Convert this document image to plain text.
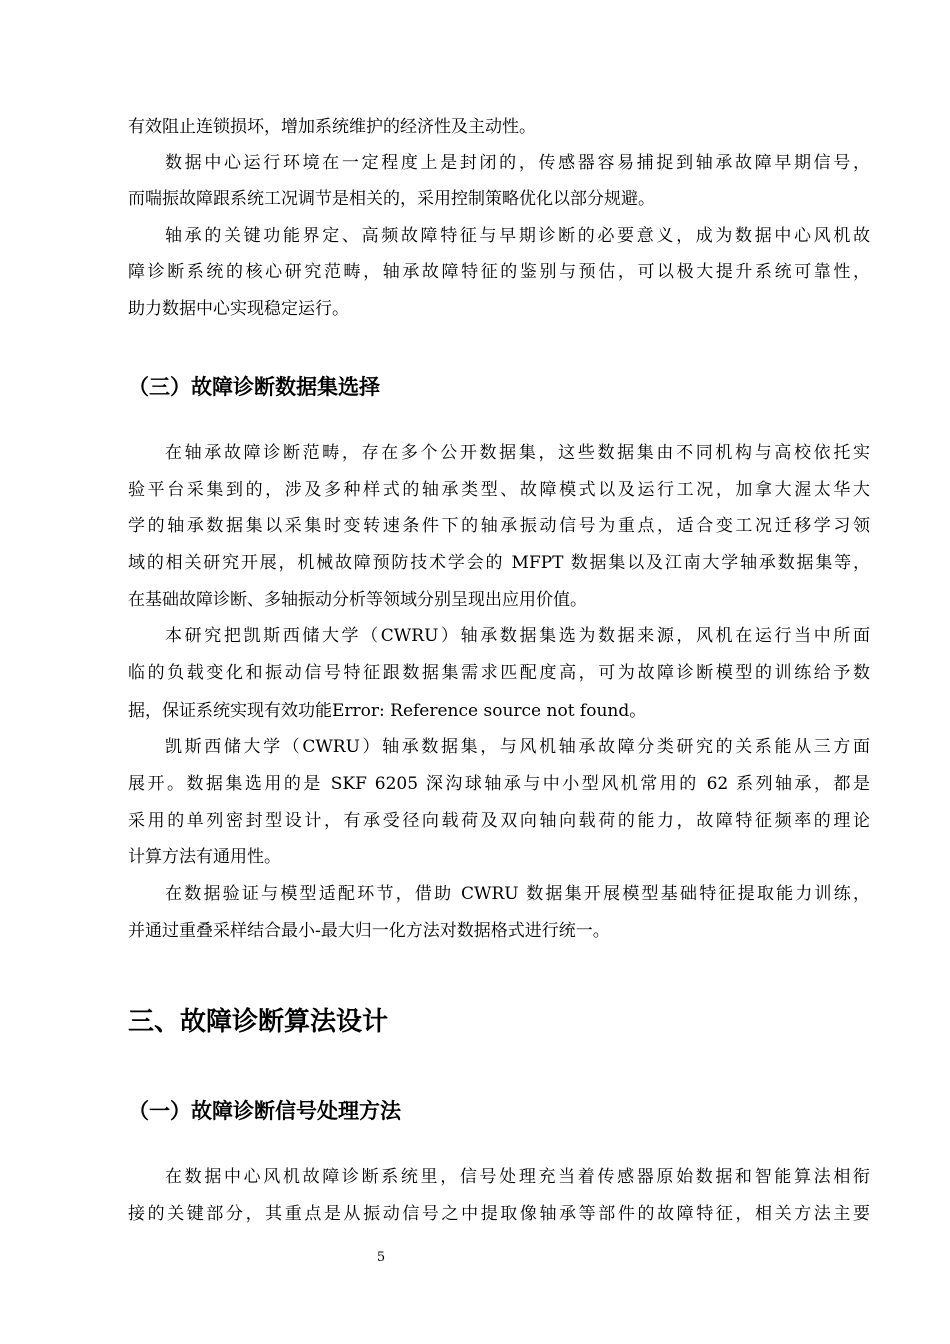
有效阻止连锁损坏，增加系统维护的经济性及主动性。
数据中心运行环境在一定程度上是封闭的，传感器容易捕捉到轴承故障早期信号，
而喘振故障跟系统工况调节是相关的，采用控制策略优化以部分规避。
轴承的关键功能界定、高频故障特征与早期诊断的必要意义，成为数据中心风机故
障诊断系统的核心研究范畴，轴承故障特征的鉴别与预估，可以极大提升系统可靠性，
助力数据中心实现稳定运行。
（三）故障诊断数据集选择
在轴承故障诊断范畴，存在多个公开数据集，这些数据集由不同机构与高校依托实
验平台采集到的，涉及多种样式的轴承类型、故障模式以及运行工况，加拿大渥太华大
学的轴承数据集以采集时变转速条件下的轴承振动信号为重点，适合变工况迁移学习领
域的相关研究开展，机械故障预防技术学会的 MFPT 数据集以及江南大学轴承数据集等，
在基础故障诊断、多轴振动分析等领域分别呈现出应用价值。
本研究把凯斯西储大学（CWRU）轴承数据集选为数据来源，风机在运行当中所面
临的负载变化和振动信号特征跟数据集需求匹配度高，可为故障诊断模型的训练给予数
据，保证系统实现有效功能Error: Reference source not found。
凯斯西储大学（CWRU）轴承数据集，与风机轴承故障分类研究的关系能从三方面
展开。数据集选用的是 SKF 6205 深沟球轴承与中小型风机常用的 62 系列轴承，都是
采用的单列密封型设计，有承受径向载荷及双向轴向载荷的能力，故障特征频率的理论
计算方法有通用性。
在数据验证与模型适配环节，借助 CWRU 数据集开展模型基础特征提取能力训练，
并通过重叠采样结合最小-最大归一化方法对数据格式进行统一。
三、故障诊断算法设计
（一）故障诊断信号处理方法
在数据中心风机故障诊断系统里，信号处理充当着传感器原始数据和智能算法相衔
接的关键部分，其重点是从振动信号之中提取像轴承等部件的故障特征，相关方法主要
5
